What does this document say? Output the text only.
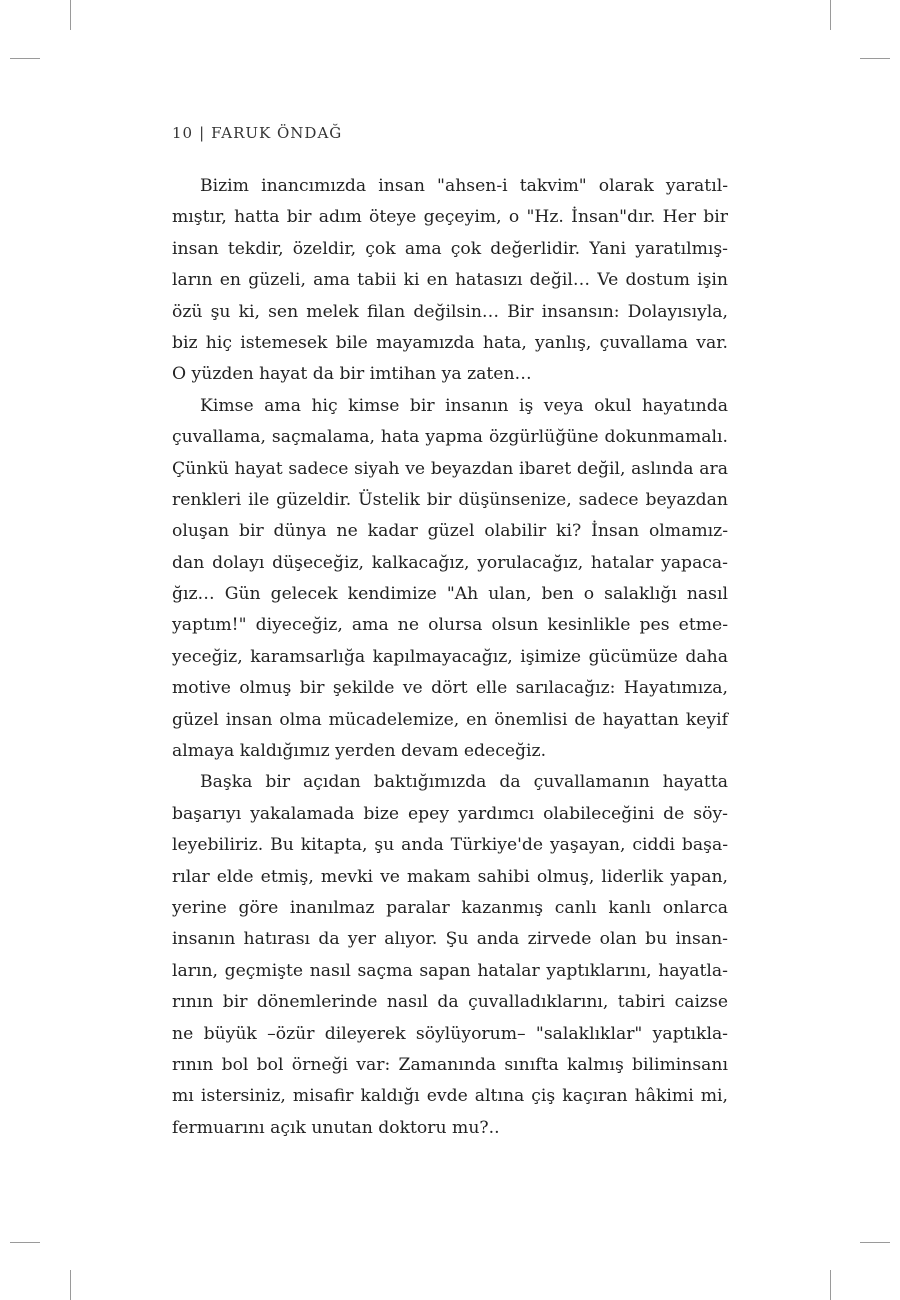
10 | FARUK ÖNDAĞ
Bizim inancımızda insan "ahsen-i takvim" olarak yaratıl-
mıştır, hatta bir adım öteye geçeyim, o "Hz. İnsan"dır. Her bir
insan tekdir, özeldir, çok ama çok değerlidir. Yani yaratılmış-
ların en güzeli, ama tabii ki en hatasızı değil… Ve dostum işin
özü şu ki, sen melek filan değilsin… Bir insansın: Dolayısıyla,
biz hiç istemesek bile mayamızda hata, yanlış, çuvallama var.
O yüzden hayat da bir imtihan ya zaten…
Kimse ama hiç kimse bir insanın iş veya okul hayatında
çuvallama, saçmalama, hata yapma özgürlüğüne dokunmamalı.
Çünkü hayat sadece siyah ve beyazdan ibaret değil, aslında ara
renkleri ile güzeldir. Üstelik bir düşünsenize, sadece beyazdan
oluşan bir dünya ne kadar güzel olabilir ki? İnsan olmamız-
dan dolayı düşeceğiz, kalkacağız, yorulacağız, hatalar yapaca-
ğız… Gün gelecek kendimize "Ah ulan, ben o salaklığı nasıl
yaptım!" diyeceğiz, ama ne olursa olsun kesinlikle pes etme-
yeceğiz, karamsarlığa kapılmayacağız, işimize gücümüze daha
motive olmuş bir şekilde ve dört elle sarılacağız: Hayatımıza,
güzel insan olma mücadelemize, en önemlisi de hayattan keyif
almaya kaldığımız yerden devam edeceğiz.
Başka bir açıdan baktığımızda da çuvallamanın hayatta
başarıyı yakalamada bize epey yardımcı olabileceğini de söy-
leyebiliriz. Bu kitapta, şu anda Türkiye'de yaşayan, ciddi başa-
rılar elde etmiş, mevki ve makam sahibi olmuş, liderlik yapan,
yerine göre inanılmaz paralar kazanmış canlı kanlı onlarca
insanın hatırası da yer alıyor. Şu anda zirvede olan bu insan-
ların, geçmişte nasıl saçma sapan hatalar yaptıklarını, hayatla-
rının bir dönemlerinde nasıl da çuvalladıklarını, tabiri caizse
ne büyük –özür dileyerek söylüyorum– "salaklıklar" yaptıkla-
rının bol bol örneği var: Zamanında sınıfta kalmış biliminsanı
mı istersiniz, misafir kaldığı evde altına çiş kaçıran hâkimi mi,
fermuarını açık unutan doktoru mu?..
